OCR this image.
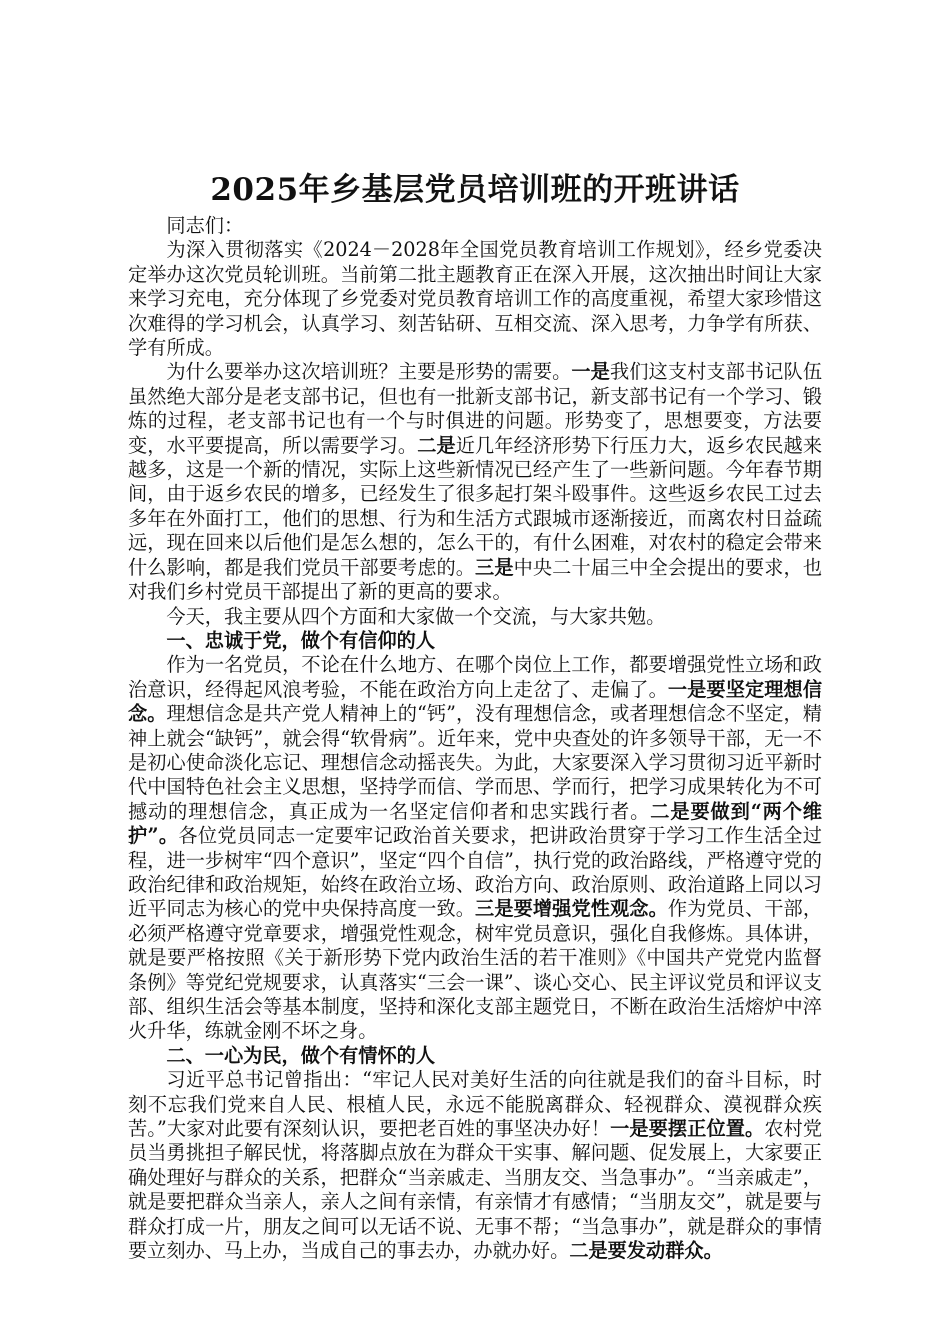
2025年乡基层党员培训班的开班讲话

同志们：

为深入贯彻落实《2024－2028年全国党员教育培训工作规划》，经乡党委决定举办这次党员轮训班。当前第二批主题教育正在深入开展，这次抽出时间让大家来学习充电，充分体现了乡党委对党员教育培训工作的高度重视，希望大家珍惜这次难得的学习机会，认真学习、刻苦钻研、互相交流、深入思考，力争学有所获、学有所成。

为什么要举办这次培训班？主要是形势的需要。一是我们这支村支部书记队伍虽然绝大部分是老支部书记，但也有一批新支部书记，新支部书记有一个学习、锻炼的过程，老支部书记也有一个与时俱进的问题。形势变了，思想要变，方法要变，水平要提高，所以需要学习。二是近几年经济形势下行压力大，返乡农民越来越多，这是一个新的情况，实际上这些新情况已经产生了一些新问题。今年春节期间，由于返乡农民的增多，已经发生了很多起打架斗殴事件。这些返乡农民工过去多年在外面打工，他们的思想、行为和生活方式跟城市逐渐接近，而离农村日益疏远，现在回来以后他们是怎么想的，怎么干的，有什么困难，对农村的稳定会带来什么影响，都是我们党员干部要考虑的。三是中央二十届三中全会提出的要求，也对我们乡村党员干部提出了新的更高的要求。

今天，我主要从四个方面和大家做一个交流，与大家共勉。

一、忠诚于党，做个有信仰的人

作为一名党员，不论在什么地方、在哪个岗位上工作，都要增强党性立场和政治意识，经得起风浪考验，不能在政治方向上走岔了、走偏了。一是要坚定理想信念。理想信念是共产党人精神上的“钙”，没有理想信念，或者理想信念不坚定，精神上就会“缺钙”，就会得“软骨病”。近年来，党中央查处的许多领导干部，无一不是初心使命淡化忘记、理想信念动摇丧失。为此，大家要深入学习贯彻习近平新时代中国特色社会主义思想，坚持学而信、学而思、学而行，把学习成果转化为不可撼动的理想信念，真正成为一名坚定信仰者和忠实践行者。二是要做到“两个维护”。各位党员同志一定要牢记政治首关要求，把讲政治贯穿于学习工作生活全过程，进一步树牢“四个意识”，坚定“四个自信”，执行党的政治路线，严格遵守党的政治纪律和政治规矩，始终在政治立场、政治方向、政治原则、政治道路上同以习近平同志为核心的党中央保持高度一致。三是要增强党性观念。作为党员、干部，必须严格遵守党章要求，增强党性观念，树牢党员意识，强化自我修炼。具体讲，就是要严格按照《关于新形势下党内政治生活的若干准则》《中国共产党党内监督条例》等党纪党规要求，认真落实“三会一课”、谈心交心、民主评议党员和评议支部、组织生活会等基本制度，坚持和深化支部主题党日，不断在政治生活熔炉中淬火升华，练就金刚不坏之身。

二、一心为民，做个有情怀的人

习近平总书记曾指出：“牢记人民对美好生活的向往就是我们的奋斗目标，时刻不忘我们党来自人民、根植人民，永远不能脱离群众、轻视群众、漠视群众疾苦。”大家对此要有深刻认识，要把老百姓的事坚决办好！一是要摆正位置。农村党员当勇挑担子解民忧，将落脚点放在为群众干实事、解问题、促发展上，大家要正确处理好与群众的关系，把群众“当亲戚走、当朋友交、当急事办”。“当亲戚走”，就是要把群众当亲人，亲人之间有亲情，有亲情才有感情；“当朋友交”，就是要与群众打成一片，朋友之间可以无话不说、无事不帮；“当急事办”，就是群众的事情要立刻办、马上办，当成自己的事去办，办就办好。二是要发动群众。
